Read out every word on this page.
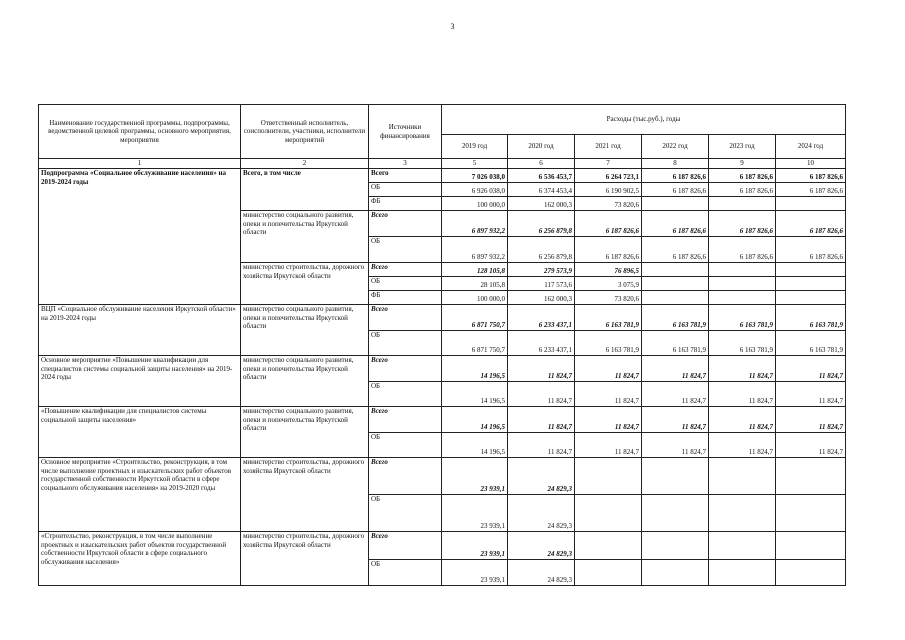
3
Наименование государственной программы, подпрограммы, ведомственной целевой программы, основного мероприятия, мероприятия	Ответственный исполнитель, соисполнители, участники, исполнители мероприятий	Источники финансирования	Расходы (тыс.руб.), годы					
			2019 год	2020 год	2021 год	2022 год	2023 год	2024 год
1	2	3	5	6	7	8	9	10
Подпрограмма «Социальное обслуживание населения» на 2019-2024 годы	Всего, в том числе	Всего	7 026 038,0	6 536 453,7	6 264 723,1	6 187 826,6	6 187 826,6	6 187 826,6
		ОБ	6 926 038,0	6 374 453,4	6 190 902,5	6 187 826,6	6 187 826,6	6 187 826,6
		ФБ	100 000,0	162 000,3	73 820,6			
	министерство социального развития, опеки и попечительства Иркутской области	Всего	6 897 932,2	6 256 879,8	6 187 826,6	6 187 826,6	6 187 826,6	6 187 826,6
		ОБ	6 897 932,2	6 256 879,8	6 187 826,6	6 187 826,6	6 187 826,6	6 187 826,6
	министерство строительства, дорожного хозяйства Иркутской области	Всего	128 105,8	279 573,9	76 896,5			
		ОБ	28 105,8	117 573,6	3 075,9			
		ФБ	100 000,0	162 000,3	73 820,6			
ВЦП «Социальное обслуживание населения Иркутской области» на 2019-2024 годы	министерство социального развития, опеки и попечительства Иркутской области	Всего	6 871 750,7	6 233 437,1	6 163 781,9	6 163 781,9	6 163 781,9	6 163 781,9
		ОБ	6 871 750,7	6 233 437,1	6 163 781,9	6 163 781,9	6 163 781,9	6 163 781,9
Основное мероприятие «Повышение квалификации для специалистов системы социальной защиты населения» на 2019-2024 годы	министерство социального развития, опеки и попечительства Иркутской области	Всего	14 196,5	11 824,7	11 824,7	11 824,7	11 824,7	11 824,7
		ОБ	14 196,5	11 824,7	11 824,7	11 824,7	11 824,7	11 824,7
«Повышение квалификации для специалистов системы социальной защиты населения»	министерство социального развития, опеки и попечительства Иркутской области	Всего	14 196,5	11 824,7	11 824,7	11 824,7	11 824,7	11 824,7
		ОБ	14 196,5	11 824,7	11 824,7	11 824,7	11 824,7	11 824,7
Основное мероприятие «Строительство, реконструкция, в том числе выполнение проектных и изыскательских работ объектов государственной собственности Иркутской области в сфере социального обслуживания населения» на 2019-2020 годы	министерство строительства, дорожного хозяйства Иркутской области	Всего	23 939,1	24 829,3				
		ОБ	23 939,1	24 829,3				
«Строительство, реконструкция, в том числе выполнение проектных и изыскательских работ объектов государственной собственности Иркутской области в сфере социального обслуживания населения»	министерство строительства, дорожного хозяйства Иркутской области	Всего	23 939,1	24 829,3				
		ОБ	23 939,1	24 829,3				
